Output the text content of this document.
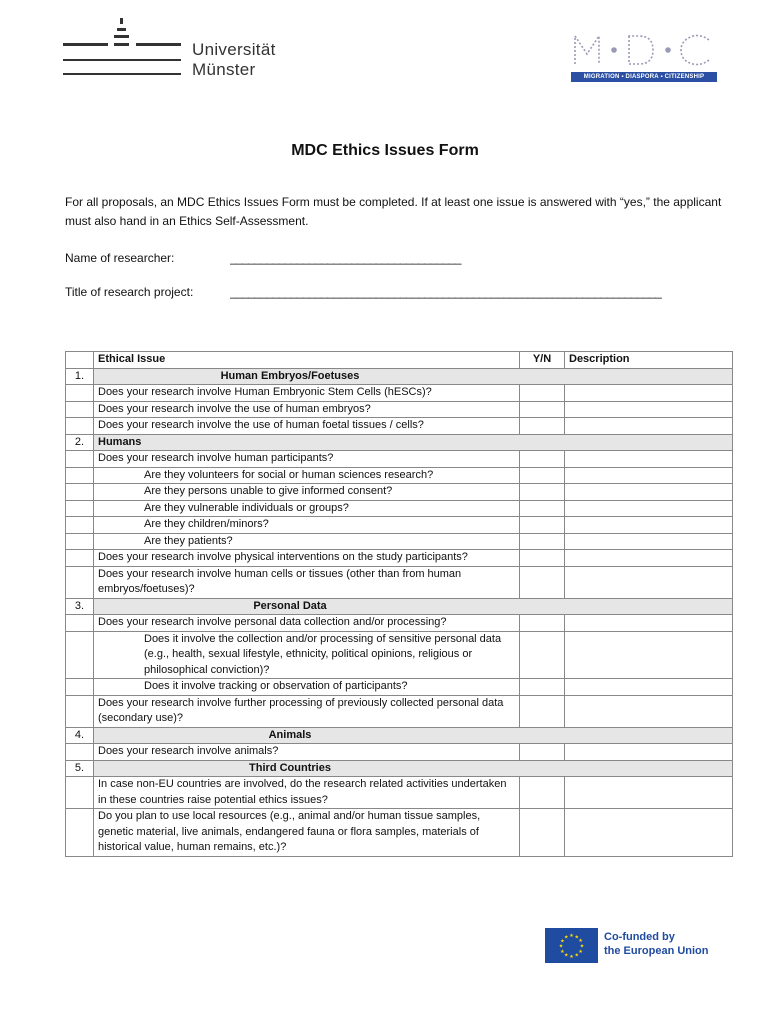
Universität
Münster	MIGRATION ▪ DIASPORA ▪ CITIZENSHIP
MDC Ethics Issues Form
For all proposals, an MDC Ethics Issues Form must be completed. If at least one issue is answered with “yes,” the applicant must also hand in an Ethics Self-Assessment.
Name of researcher:	______________________________________
Title of research project:	_______________________________________________________________________
	Ethical Issue	Y/N	Description
1.	Human Embryos/Foetuses		
	Does your research involve Human Embryonic Stem Cells (hESCs)?		
	Does your research involve the use of human embryos?		
	Does your research involve the use of human foetal tissues / cells?		
2.	Humans		
	Does your research involve human participants?		
	Are they volunteers for social or human sciences research?		
	Are they persons unable to give informed consent?		
	Are they vulnerable individuals or groups?		
	Are they children/minors?		
	Are they patients?		
	Does your research involve physical interventions on the study participants?		
	Does your research involve human cells or tissues (other than from human embryos/foetuses)?		
3.	Personal Data		
	Does your research involve personal data collection and/or processing?		
	Does it involve the collection and/or processing of sensitive personal data (e.g., health, sexual lifestyle, ethnicity, political opinions, religious or philosophical conviction)?		
	Does it involve tracking or observation of participants?		
	Does your research involve further processing of previously collected personal data (secondary use)?		
4.	Animals		
	Does your research involve animals?		
5.	Third Countries		
	In case non-EU countries are involved, do the research related activities undertaken in these countries raise potential ethics issues?		
	Do you plan to use local resources (e.g., animal and/or human tissue samples, genetic material, live animals, endangered fauna or flora samples, materials of historical value, human remains, etc.)?		
★
★
★
★
★
★
★
★
★ ★ ★
★ Co-funded by
the European Union
